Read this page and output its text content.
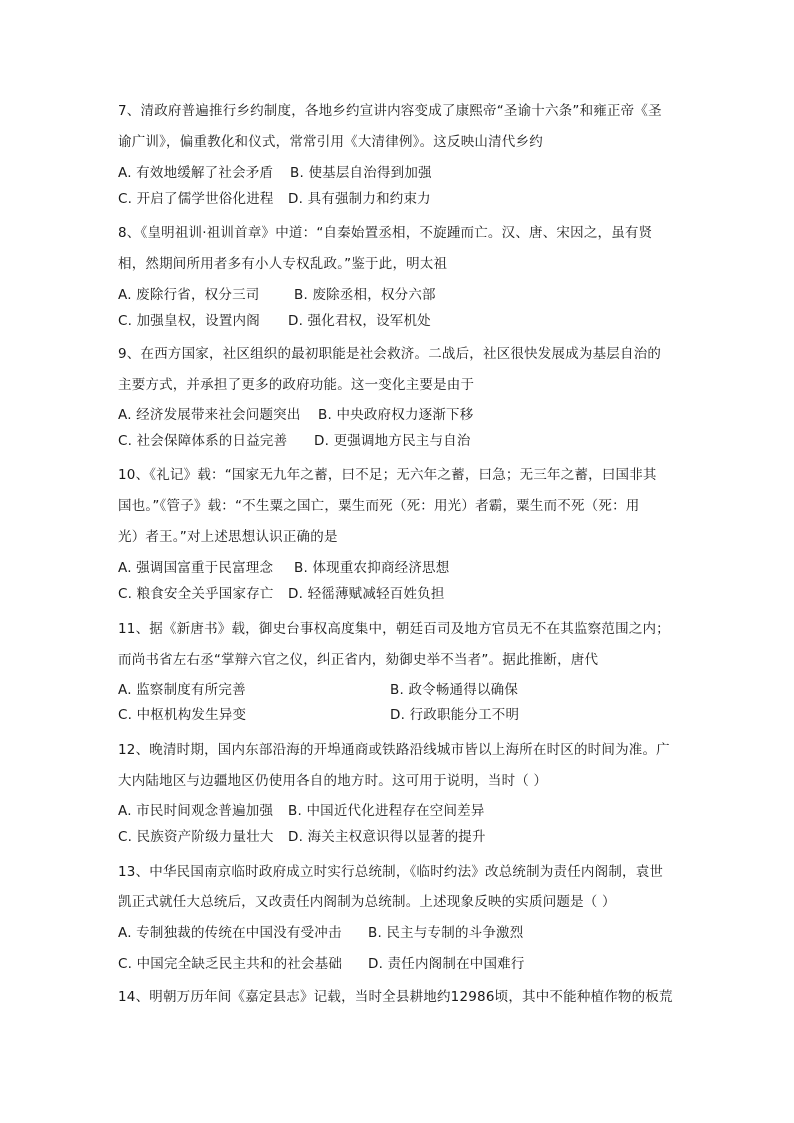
7、清政府普遍推行乡约制度，各地乡约宣讲内容变成了康熙帝“圣谕十六条”和雍正帝《圣
谕广训》，偏重教化和仪式，常常引用《大清律例》。这反映山清代乡约
A. 有效地缓解了社会矛盾 B. 使基层自治得到加强
C. 开启了儒学世俗化进程 D. 具有强制力和约束力
8、《皇明祖训·祖训首章》中道：“自秦始置丞相，不旋踵而亡。汉、唐、宋因之，虽有贤
相，然期间所用者多有小人专权乱政。”鉴于此，明太祖
A. 废除行省，权分三司	B. 废除丞相，权分六部
C. 加强皇权，设置内阁 D. 强化君权，设军机处
9、在西方国家，社区组织的最初职能是社会救济。二战后，社区很快发展成为基层自治的
主要方式，并承担了更多的政府功能。这一变化主要是由于
A. 经济发展带来社会问题突出 B. 中央政府权力逐渐下移
C. 社会保障体系的日益完善 D. 更强调地方民主与自治
10、《礼记》载：“国家无九年之蓄，曰不足；无六年之蓄，曰急；无三年之蓄，曰国非其
国也。”《管子》载：“不生粟之国亡，粟生而死（死：用光）者霸，粟生而不死（死：用
光）者王。”对上述思想认识正确的是
A. 强调国富重于民富理念 B. 体现重农抑商经济思想
C. 粮食安全关乎国家存亡 D. 轻徭薄赋减轻百姓负担
11、据《新唐书》载，御史台事权高度集中，朝廷百司及地方官员无不在其监察范围之内；
而尚书省左右丞“掌辩六官之仪，纠正省内，劾御史举不当者”。据此推断，唐代
A. 监察制度有所完善	B. 政令畅通得以确保
C. 中枢机构发生异变	D. 行政职能分工不明
12、晚清时期，国内东部沿海的开埠通商或铁路沿线城市皆以上海所在时区的时间为准。广
大内陆地区与边疆地区仍使用各自的地方时。这可用于说明，当时（ ）
A. 市民时间观念普遍加强 B. 中国近代化进程存在空间差异
C. 民族资产阶级力量壮大 D. 海关主权意识得以显著的提升
13、中华民国南京临时政府成立时实行总统制，《临时约法》改总统制为责任内阁制，袁世
凯正式就任大总统后，又改责任内阁制为总统制。上述现象反映的实质问题是（ ）
A. 专制独裁的传统在中国没有受冲击 B. 民主与专制的斗争激烈
C. 中国完全缺乏民主共和的社会基础 D. 责任内阁制在中国难行
14、明朝万历年间《嘉定县志》记载，当时全县耕地约12986顷，其中不能种植作物的板荒
